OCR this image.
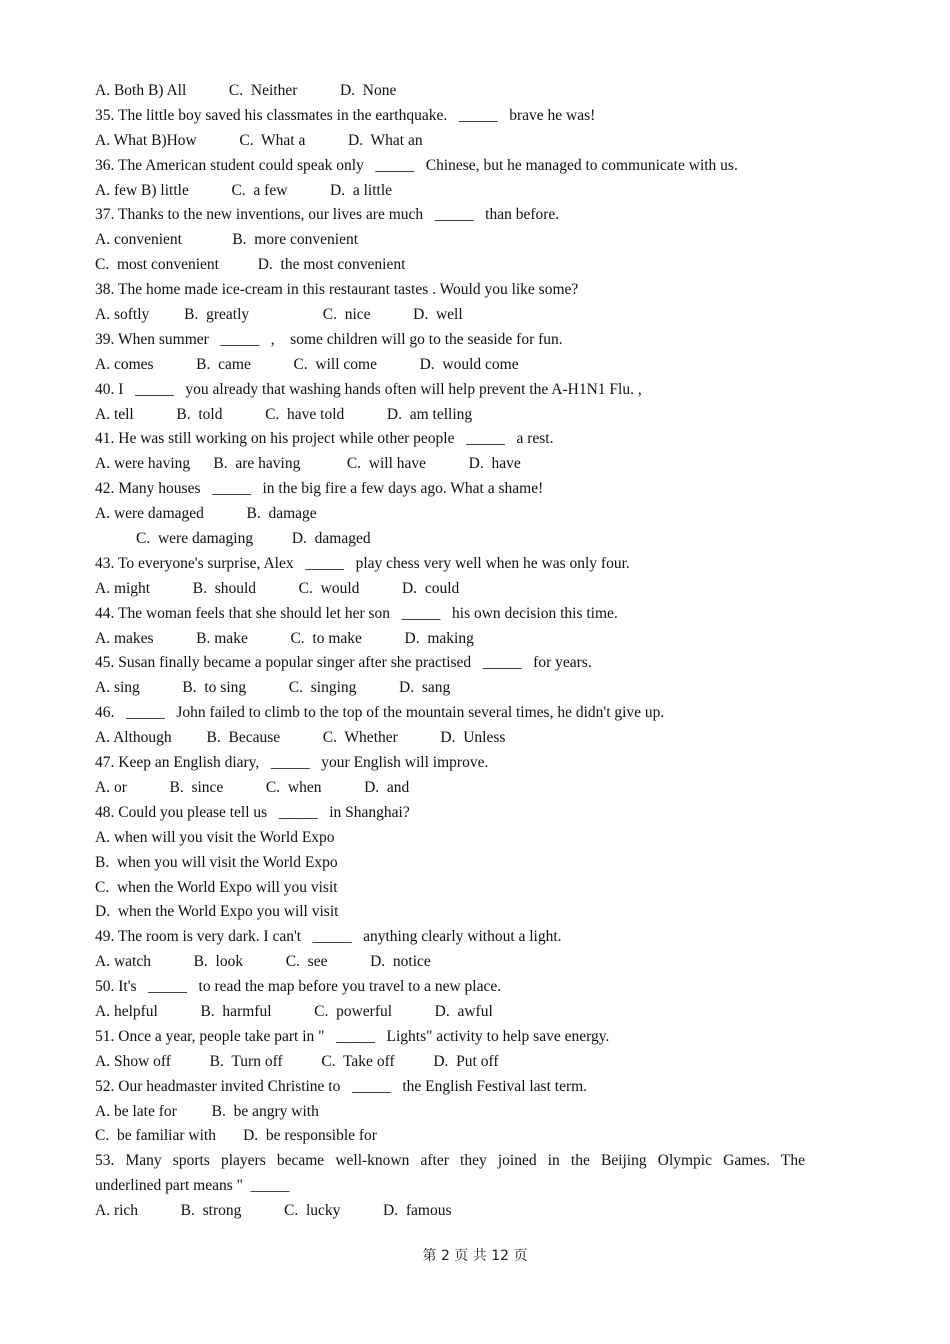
A. Both B) All           C.  Neither           D.  None
35. The little boy saved his classmates in the earthquake.   _____   brave he was!
A. What B)How           C.  What a           D.  What an
36. The American student could speak only   _____   Chinese, but he managed to communicate with us.
A. few B) little           C.  a few           D.  a little
37. Thanks to the new inventions, our lives are much   _____   than before.
A. convenient             B.  more convenient
C.  most convenient          D.  the most convenient
38. The home made ice-cream in this restaurant tastes . Would you like some?
A. softly         B.  greatly                   C.  nice           D.  well
39. When summer   _____   ,    some children will go to the seaside for fun.
A. comes           B.  came           C.  will come           D.  would come
40. I   _____   you already that washing hands often will help prevent the A-H1N1 Flu. ,
A. tell           B.  told           C.  have told           D.  am telling
41. He was still working on his project while other people   _____   a rest.
A. were having      B.  are having            C.  will have           D.  have
42. Many houses   _____   in the big fire a few days ago. What a shame!
A. were damaged           B.  damage
C.  were damaging          D.  damaged
43. To everyone's surprise, Alex   _____   play chess very well when he was only four.
A. might           B.  should           C.  would           D.  could
44. The woman feels that she should let her son   _____   his own decision this time.
A. makes           B. make           C.  to make           D.  making
45. Susan finally became a popular singer after she practised   _____   for years.
A. sing           B.  to sing           C.  singing           D.  sang
46.   _____   John failed to climb to the top of the mountain several times, he didn't give up.
A. Although         B.  Because           C.  Whether           D.  Unless
47. Keep an English diary,   _____   your English will improve.
A. or           B.  since           C.  when           D.  and
48. Could you please tell us   _____   in Shanghai?
A. when will you visit the World Expo
B.  when you will visit the World Expo
C.  when the World Expo will you visit
D.  when the World Expo you will visit
49. The room is very dark. I can't   _____   anything clearly without a light.
A. watch           B.  look           C.  see           D.  notice
50. It's   _____   to read the map before you travel to a new place.
A. helpful           B.  harmful           C.  powerful           D.  awful
51. Once a year, people take part in "   _____   Lights" activity to help save energy.
A. Show off          B.  Turn off          C.  Take off          D.  Put off
52. Our headmaster invited Christine to   _____   the English Festival last term.
A. be late for         B.  be angry with
C.  be familiar with       D.  be responsible for
53. Many sports players became well-known after they joined in the Beijing Olympic Games. The
underlined part means "  _____
A. rich           B.  strong           C.  lucky           D.  famous
第 2 页 共 12 页
